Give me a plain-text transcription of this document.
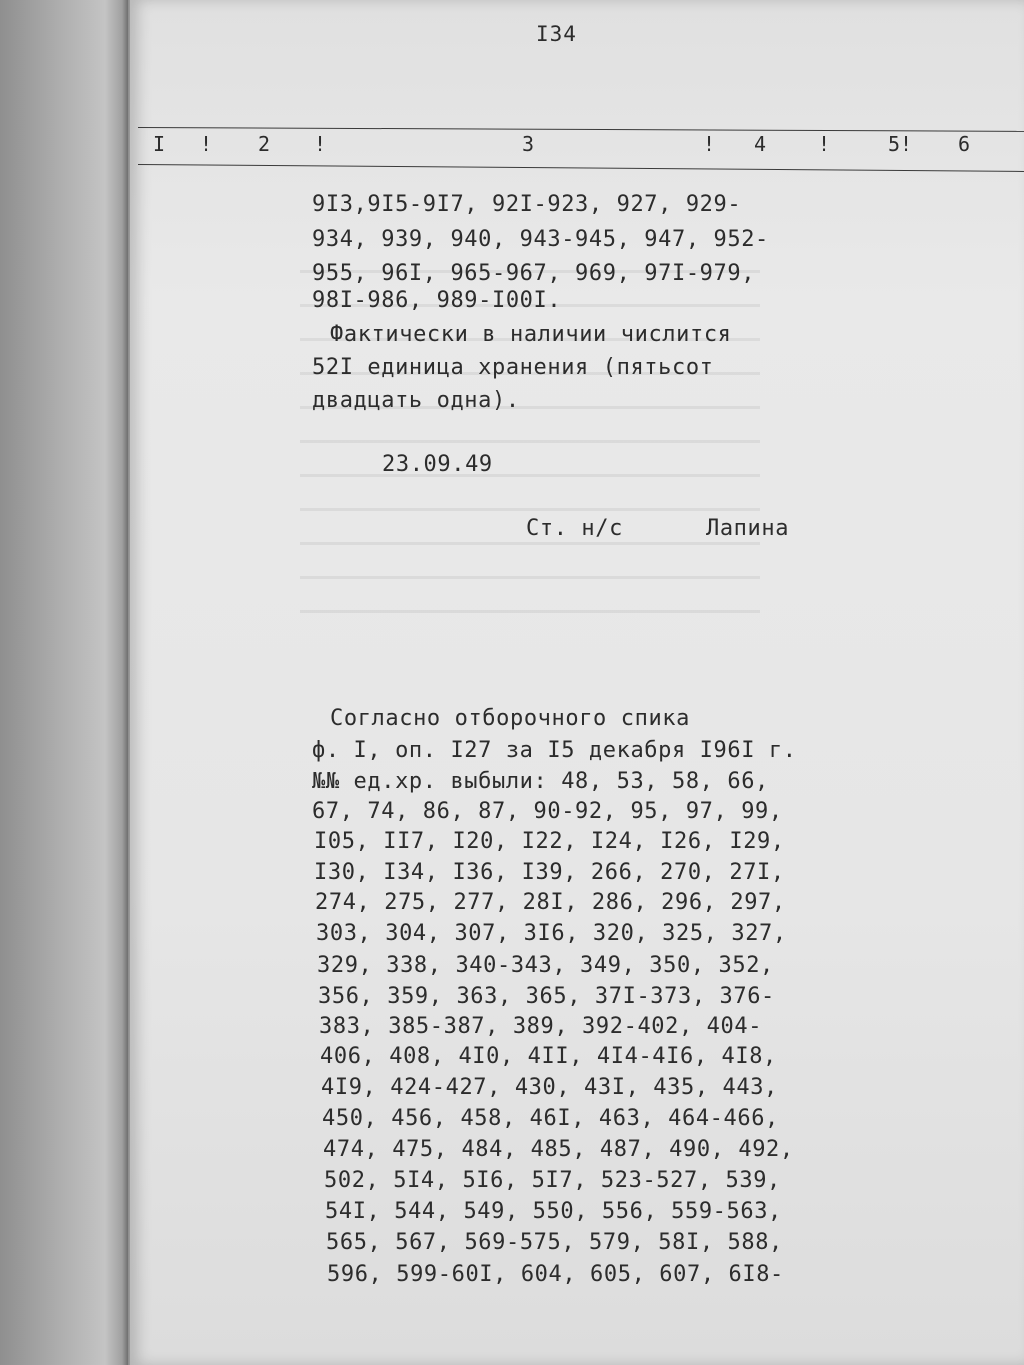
I34
I ! 2 !	3	! 4	!	5! 6
9I3,9I5-9I7, 92I-923, 927, 929-
934, 939, 940, 943-945, 947, 952-
955, 96I, 965-967, 969, 97I-979,
98I-986, 989-I00I.
Фактически в наличии числится
52I единица хранения (пятьсот
двадцать одна).
23.09.49
Ст. н/с      Лапина
Согласно отборочного спика
ф. I, оп. I27 за I5 декабря I96I г.
№№ ед.хр. выбыли: 48, 53, 58, 66,
67, 74, 86, 87, 90-92, 95, 97, 99,
I05, II7, I20, I22, I24, I26, I29,
I30, I34, I36, I39, 266, 270, 27I,
274, 275, 277, 28I, 286, 296, 297,
303, 304, 307, 3I6, 320, 325, 327,
329, 338, 340-343, 349, 350, 352,
356, 359, 363, 365, 37I-373, 376-
383, 385-387, 389, 392-402, 404-
406, 408, 4I0, 4II, 4I4-4I6, 4I8,
4I9, 424-427, 430, 43I, 435, 443,
450, 456, 458, 46I, 463, 464-466,
474, 475, 484, 485, 487, 490, 492,
502, 5I4, 5I6, 5I7, 523-527, 539,
54I, 544, 549, 550, 556, 559-563,
565, 567, 569-575, 579, 58I, 588,
596, 599-60I, 604, 605, 607, 6I8-
